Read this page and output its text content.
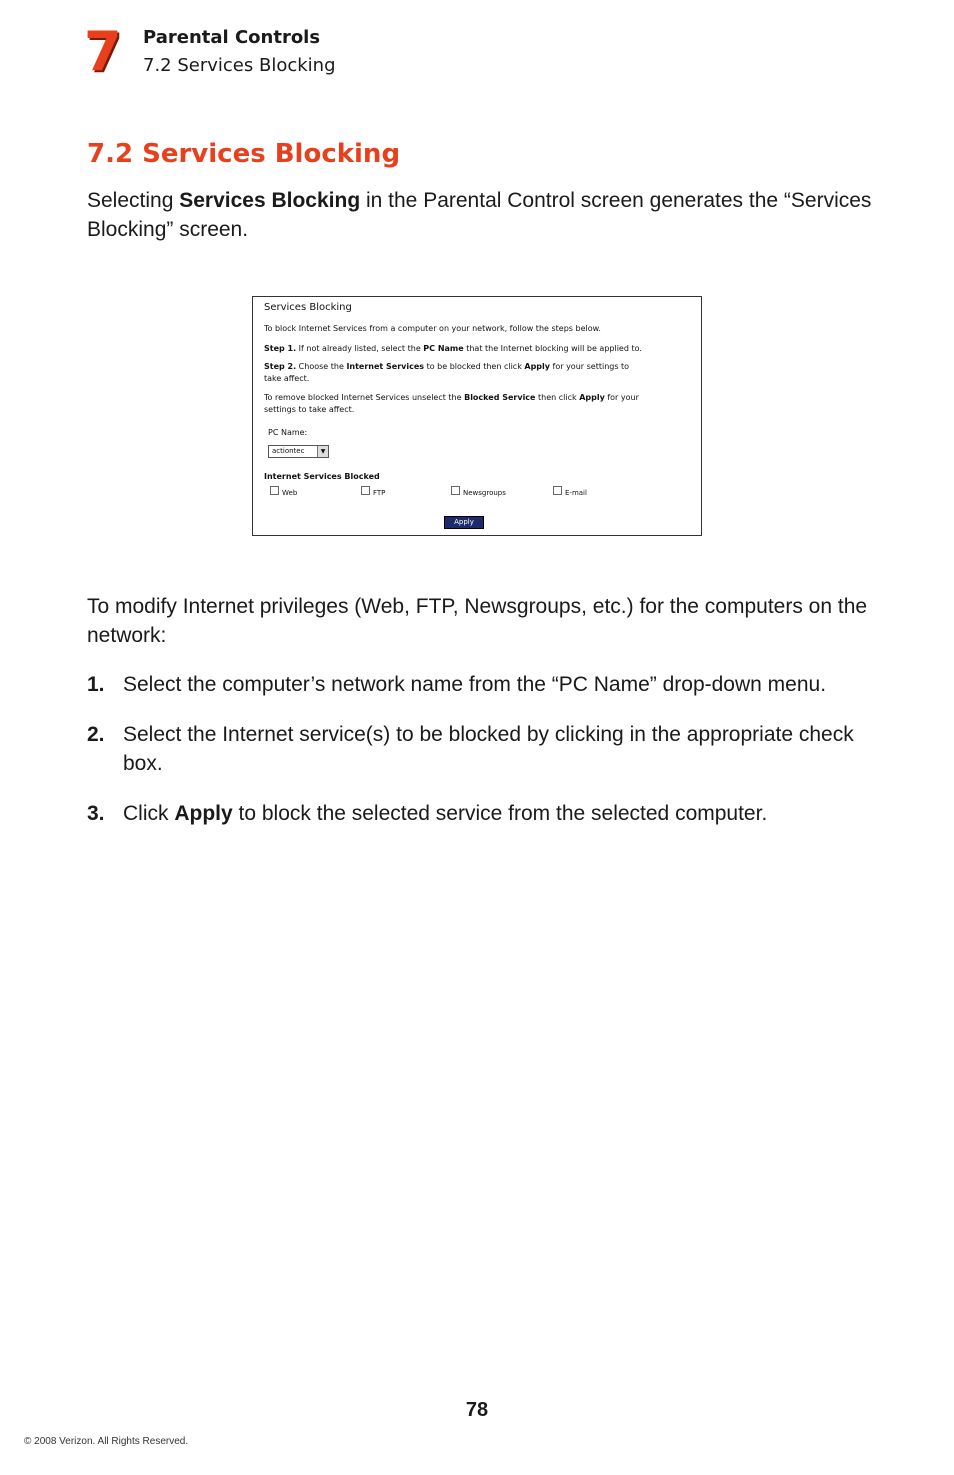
7 Parental Controls
7.2 Services Blocking
7.2 Services Blocking

Selecting Services Blocking in the Parental Control screen generates the “Services Blocking” screen.

Services Blocking
To block Internet Services from a computer on your network, follow the steps below.
Step 1. If not already listed, select the PC Name that the Internet blocking will be applied to.
Step 2. Choose the Internet Services to be blocked then click Apply for your settings to
take affect.
To remove blocked Internet Services unselect the Blocked Service then click Apply for your
settings to take affect.
PC Name:
actiontec	▼
Internet Services Blocked
Web	FTP	Newsgroups	E-mail
Apply

To modify Internet privileges (Web, FTP, Newsgroups, etc.) for the computers on the network:

1. Select the computer’s network name from the “PC Name” drop-down menu.
2. Select the Internet service(s) to be blocked by clicking in the appropriate check box.
3. Click Apply to block the selected service from the selected computer.
78
© 2008 Verizon. All Rights Reserved.
